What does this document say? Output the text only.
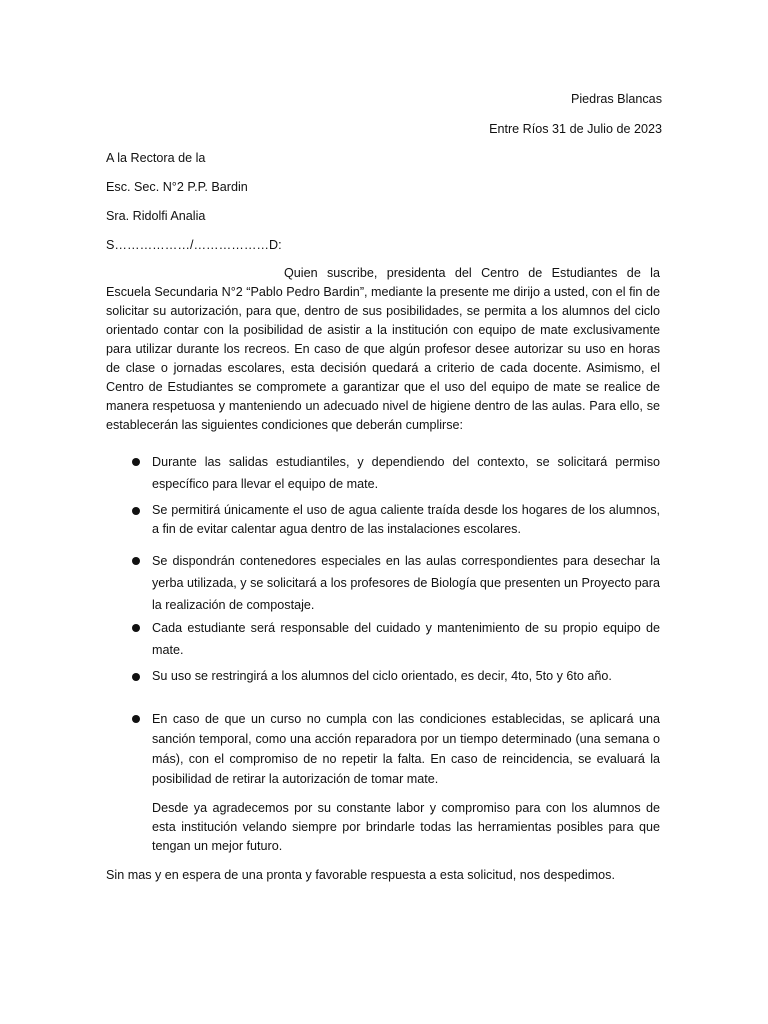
Piedras Blancas
Entre Ríos 31 de Julio de 2023
A la Rectora de la
Esc. Sec. N°2 P.P. Bardin
Sra. Ridolfi Analia
S………………/………………D:
Quien suscribe, presidenta del Centro de Estudiantes de la Escuela Secundaria N°2 “Pablo Pedro Bardin”, mediante la presente me dirijo a usted, con el fin de solicitar su autorización, para que, dentro de sus posibilidades, se permita a los alumnos del ciclo orientado contar con la posibilidad de asistir a la institución con equipo de mate exclusivamente para utilizar durante los recreos. En caso de que algún profesor desee autorizar su uso en horas de clase o jornadas escolares, esta decisión quedará a criterio de cada docente. Asimismo, el Centro de Estudiantes se compromete a garantizar que el uso del equipo de mate se realice de manera respetuosa y manteniendo un adecuado nivel de higiene dentro de las aulas. Para ello, se establecerán las siguientes condiciones que deberán cumplirse:
Durante las salidas estudiantiles, y dependiendo del contexto, se solicitará permiso específico para llevar el equipo de mate.
Se permitirá únicamente el uso de agua caliente traída desde los hogares de los alumnos, a fin de evitar calentar agua dentro de las instalaciones escolares.
Se dispondrán contenedores especiales en las aulas correspondientes para desechar la yerba utilizada, y se solicitará a los profesores de Biología que presenten un Proyecto para la realización de compostaje.
Cada estudiante será responsable del cuidado y mantenimiento de su propio equipo de mate.
Su uso se restringirá a los alumnos del ciclo orientado, es decir, 4to, 5to y 6to año.
En caso de que un curso no cumpla con las condiciones establecidas, se aplicará una sanción temporal, como una acción reparadora por un tiempo determinado (una semana o más), con el compromiso de no repetir la falta. En caso de reincidencia, se evaluará la posibilidad de retirar la autorización de tomar mate.
Desde ya agradecemos por su constante labor y compromiso para con los alumnos de esta institución velando siempre por brindarle todas las herramientas posibles para que tengan un mejor futuro.
Sin mas y en espera de una pronta y favorable respuesta a esta solicitud, nos despedimos.
